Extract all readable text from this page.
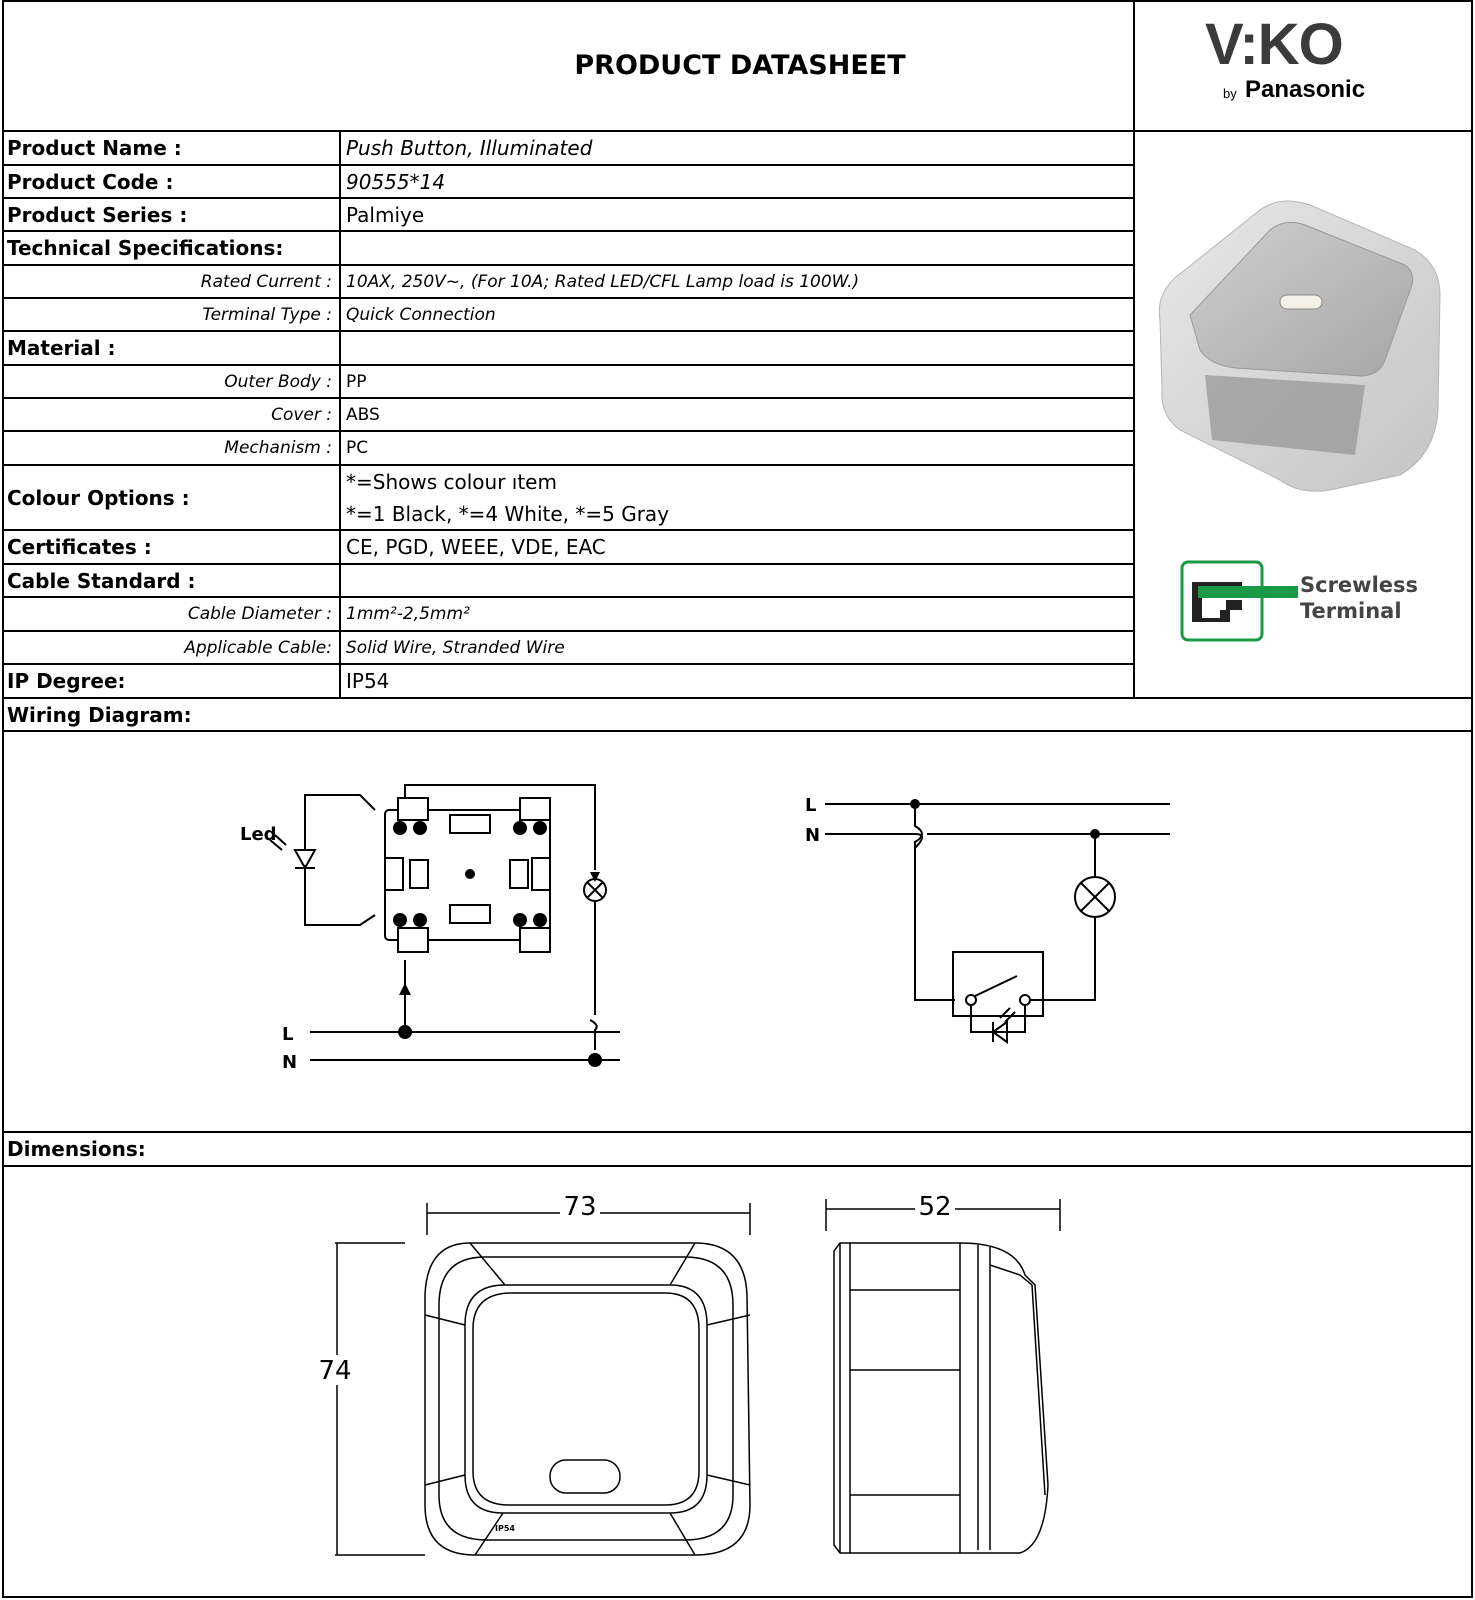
PRODUCT DATASHEET	V:KO
by Panasonic
Product Name :	Push Button, Illuminated
Product Code :	90555*14
Product Series :	Palmiye
Technical Specifications:
Rated Current : 10AX, 250V~, (For 10A; Rated LED/CFL Lamp load is 100W.)
Terminal Type : Quick Connection
Material :
Outer Body : PP
Cover : ABS
Mechanism : PC
Colour Options :
*=Shows colour ıtem
*=1 Black, *=4 White, *=5 Gray
Certificates :	CE, PGD, WEEE, VDE, EAC
Cable Standard :
Cable Diameter : 1mm²-2,5mm²
Applicable Cable: Solid Wire, Stranded Wire
IP Degree:	IP54
Wiring Diagram:
Dimensions:
Screwless
Terminal
Led
L
N
L
N
73
74
IP54
52
